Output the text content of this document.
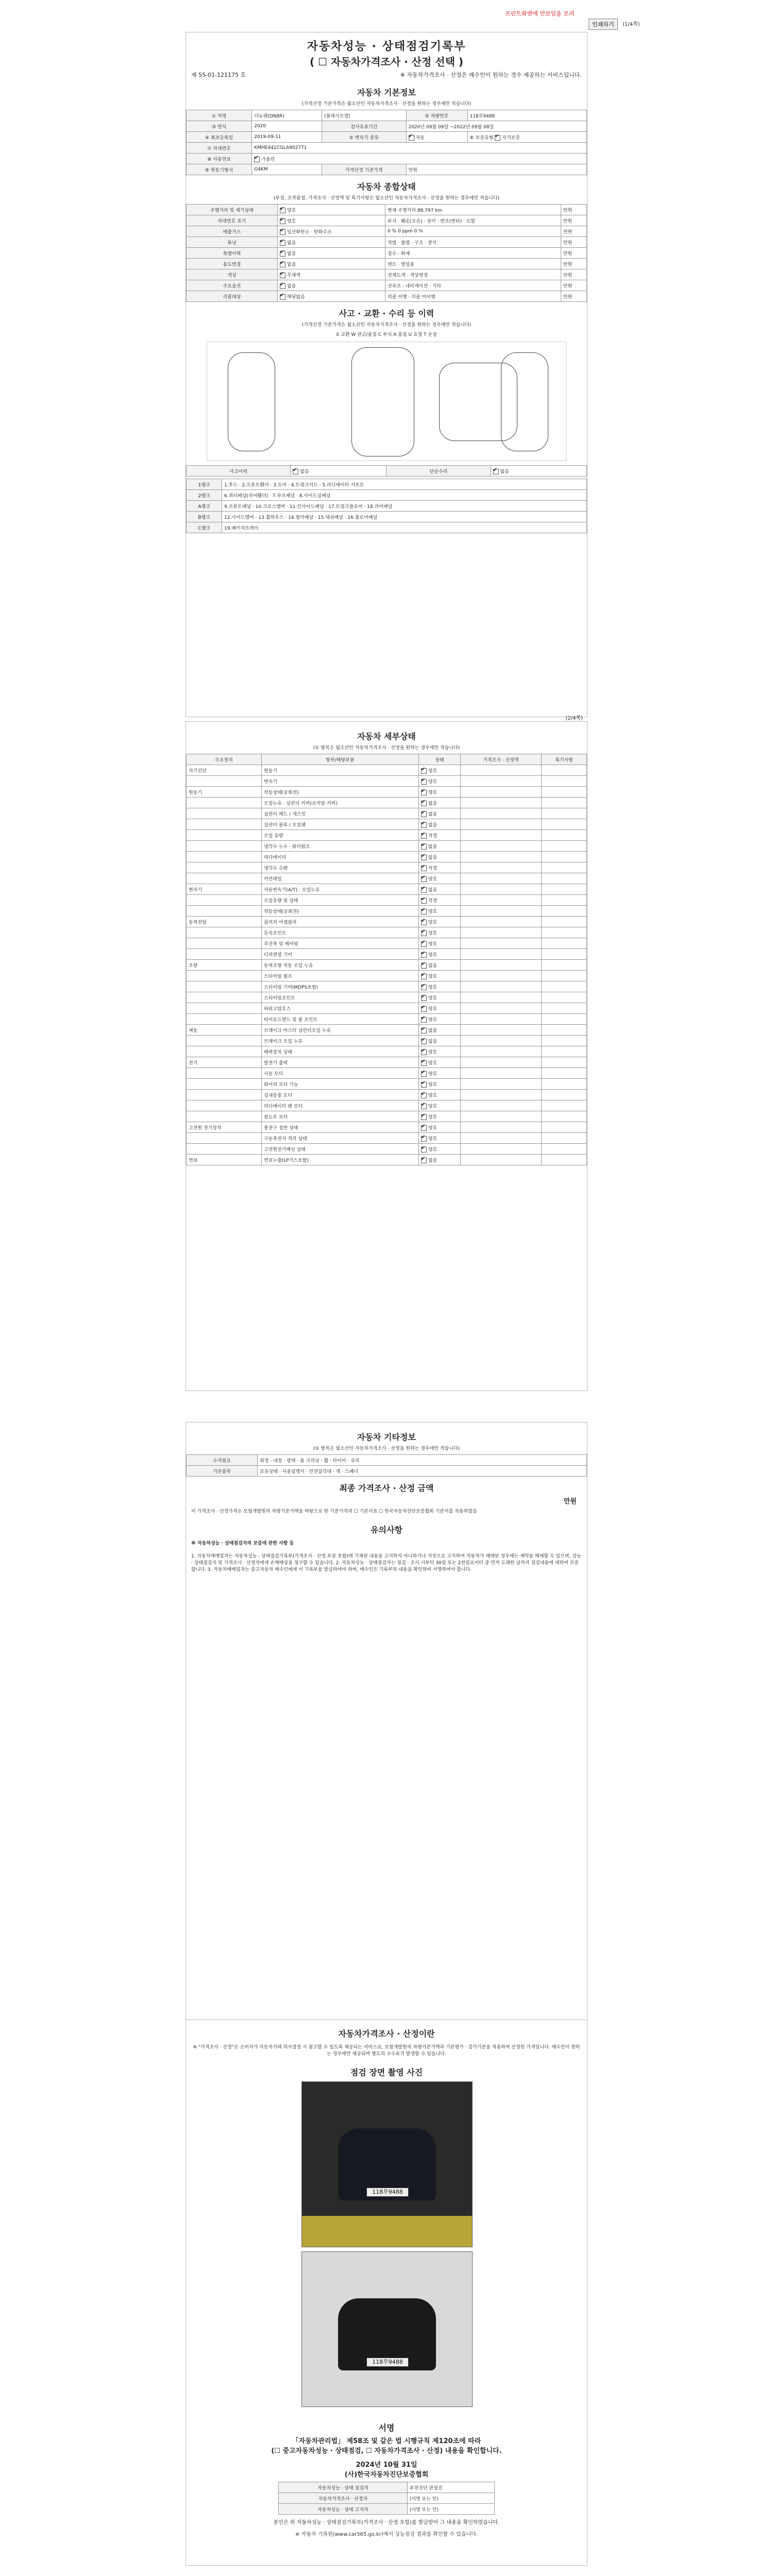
프린트화면에 안보임을 모려
인쇄하기	(1/4쪽)
자동차성능 · 상태점검기록부
( ☐ 자동차가격조사 · 산정 선택 )
제 55-01-121175 호	※ 자동차가격조사 · 산정은 매수인이 원하는 경우 제공하는 서비스입니다.
자동차 기본정보
(가격산정 기준가격은 월소산인 자동차가격조사 · 산정을 원하는 경우에만 적습니다)
① 차명	더뉴펜(DN8R)	(플래시모델)	② 차량번호	118무9488
③ 연식	2020	검사유효기간	2020년 09월 09일 ~2022년 09월 08일	
④ 최초등록일	2019-09-11	⑤ 변속기 종류	✔자동	⑥ 보증유형 ✔ 자가보증
⑦ 차대번호	KMHE441CGLA902771			
⑧ 사용연료	✔가솔린
⑨ 원동기형식	G4KM	가격산정 기준가격	만원	
자동차 종합상태
(부상, 조작품질, 가격조사 · 산정액 및 특기사항은 월소산인 자동차가격조사 · 산정을 원하는 경우에만 적습니다)
주행거리 및 계기상태	✔양호	현재 주행거리 88,797 km	만원
차대번호 표기	✔양호	부식 · 훼손(오손) · 상이 · 변조(변타) · 도말	만원
배출가스	✔일산화탄소 · 탄화수소	0 % 0 ppm 0 %	만원
튜닝	✔없음	적법 · 불법 · 구조 · 장치	만원
특별이력	✔없음	침수 · 화재	만원
용도변경	✔없음	렌트 · 영업용	만원
색상	✔무채색	전체도색 · 색상변경	만원
주요옵션	✔없음	선루프 · 네비게이션 · 기타	만원
리콜대상	✔해당없음	리콜 이행 · 리콜 미이행	만원
사고 · 교환 · 수리 등 이력
(가격산정 기준가격은 월소산인 자동차가격조사 · 산정을 원하는 경우에만 적습니다)
X 교환 W 판금/용접 C 부식 A 흠집 U 요철 T 손상
사고이력	✔없음	단순수리	✔없음
1랭크	1.후드 · 2.프론트휀더 · 3.도어 · 4.트렁크리드 · 5.라디에이터 서포트
2랭크	6.쿼터패널(리어휀더) · 7.루프패널 · 8.사이드실패널
A랭크	9.프론트패널 · 10.크로스멤버 · 11.인사이드패널 · 17.트렁크플로어 · 18.리어패널
B랭크	12.사이드멤버 · 13.휠하우스 · 14.필러패널 · 15.대쉬패널 · 16.플로어패널
C랭크	19.패키지트레이
(2/4쪽)
자동차 세부상태
(① 항목은 월소산인 자동차가격조사 · 산정을 원하는 경우에만 적습니다)
주요장치	항목/해당부품	상태	가격조사 · 산정액	특기사항
자기진단	원동기	✔양호		
	변속기	✔양호		
원동기	작동상태(공회전)	✔양호		
	오일누유 · 실린더 커버(로커암 커버)	✔없음		
	실린더 헤드 / 개스킷	✔없음		
	실린더 블록 / 오일팬	✔없음		
	오일 유량	✔적정		
	냉각수 누수 · 워터펌프	✔없음		
	라디에이터	✔없음		
	냉각수 수량	✔적정		
	커먼레일	✔양호		
변속기	자동변속기(A/T) · 오일누유	✔없음		
	오일유량 및 상태	✔적정		
	작동상태(공회전)	✔양호		
동력전달	클러치 어셈블리	✔양호		
	등속조인트	✔양호		
	추진축 및 베어링	✔양호		
	디퍼렌셜 기어	✔양호		
조향	동력조향 작동 오일 누유	✔없음		
	스티어링 펌프	✔양호		
	스티어링 기어(MDPS포함)	✔양호		
	스티어링조인트	✔양호		
	파워고압호스	✔양호		
	타이로드엔드 및 볼 조인트	✔양호		
제동	브레이크 마스터 실린더오일 누유	✔없음		
	브레이크 오일 누유	✔없음		
	배력장치 상태	✔양호		
전기	발전기 출력	✔양호		
	시동 모터	✔양호		
	와이퍼 모터 기능	✔양호		
	실내송풍 모터	✔양호		
	라디에이터 팬 모터	✔양호		
	윈도우 모터	✔양호		
고전원 전기장치	충전구 절연 상태	✔양호		
	구동축전지 격리 상태	✔양호		
	고전원전기배선 상태	✔양호		
연료	연료누출(LP가스포함)	✔없음		
자동차 기타정보
(① 항목은 월소산인 자동차가격조사 · 산정을 원하는 경우에만 적습니다)
수리필요	외장 · 내장 · 광택 · 룸 크리닝 · 휠 · 타이어 · 유리
기본품목	보유상태 · 사용설명서 · 안전삼각대 · 잭 · 스패너
최종 가격조사 · 산정 금액
만원
이 가격조사 · 산정가격은 보험개발원의 차량기준가액을 바탕으로 한 기준가격과 ☐ 기본서표 ☐ 한국자동차진단보증협회 기준서를 적용하였음
유의사항
※ 자동차성능 · 상태점검자의 보증에 관한 사항 등
1. 자동차매매업자는 자동차성능 · 상태점검기록부(가격조사 · 산정 부분 포함)에 기재된 내용을 고지하지 아니하거나 거짓으로 고지하여 자동차가 매매된 경우에는 계약을 해제할 수 있으며, 성능 · 상태점검자 및 가격조사 · 산정자에게 손해배상을 청구할 수 있습니다. 2. 자동차성능 · 상태점검자는 점검 · 조사 시부터 30일 또는 2천킬로미터 중 먼저 도래한 날까지 점검내용에 대하여 보증합니다. 3. 자동차매매업자는 중고자동차 매수인에게 이 기록부를 발급하여야 하며, 매수인은 기록부의 내용을 확인하여 서명하여야 합니다.
자동차가격조사 · 산정이란
※ "가격조사 · 산정"은 소비자가 자동차거래 의사결정 시 참고할 수 있도록 제공되는 서비스로, 보험개발원의 차량기준가액과 기본평가 · 감가기준을 적용하여 산정한 가격입니다. 매수인이 원하는 경우에만 제공되며 별도의 수수료가 발생할 수 있습니다.
점검 장면 촬영 사진
118무9488
118무9488
서명
「자동차관리법」 제58조 및 같은 법 시행규칙 제120조에 따라
(☐ 중고자동차성능 · 상태점검, ☐ 자동차가격조사 · 산정) 내용을 확인합니다.
2024년 10월 31일
(사)한국자동차진단보증협회
자동차성능 · 상태 점검자	부천진단 관점진
자동차가격조사 · 산정자	(서명 또는 인)
자동차성능 · 상태 고지자	(서명 또는 인)
본인은 위 자동차성능 · 상태점검기록부(가격조사 · 산정 포함)를 발급받아 그 내용을 확인하였습니다.
※ 자동차 기록원(www.car365.go.kr)에서 성능점검 결과를 확인할 수 있습니다.
